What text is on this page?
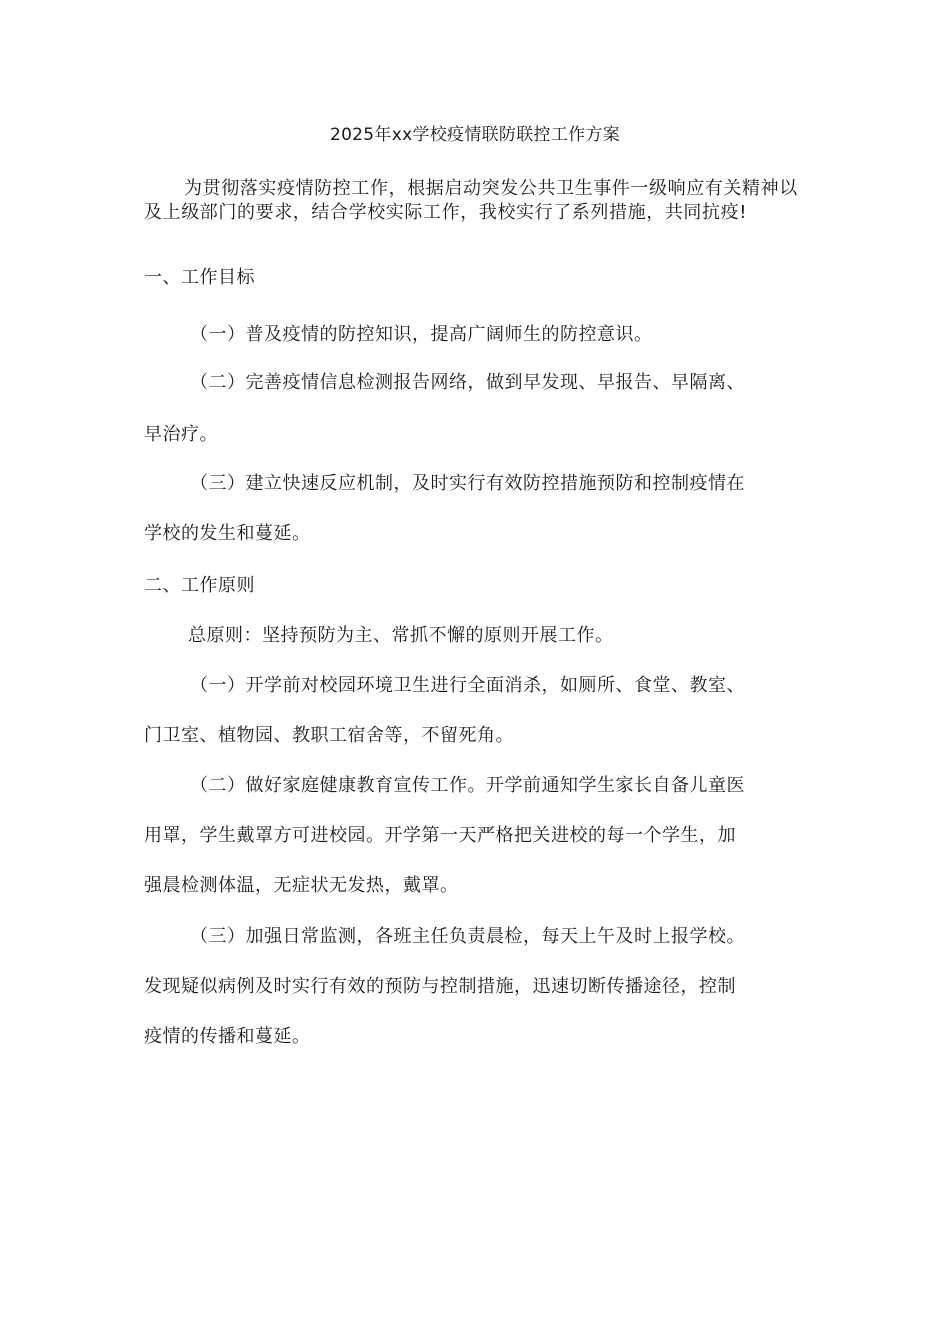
2025年xx学校疫情联防联控工作方案
为贯彻落实疫情防控工作，根据启动突发公共卫生事件一级响应有关精神以及上级部门的要求，结合学校实际工作，我校实行了系列措施，共同抗疫!
一、工作目标
（一）普及疫情的防控知识，提高广阔师生的防控意识。
（二）完善疫情信息检测报告网络，做到早发现、早报告、早隔离、
早治疗。
（三）建立快速反应机制，及时实行有效防控措施预防和控制疫情在
学校的发生和蔓延。
二、工作原则
总原则：坚持预防为主、常抓不懈的原则开展工作。
（一）开学前对校园环境卫生进行全面消杀，如厕所、食堂、教室、
门卫室、植物园、教职工宿舍等，不留死角。
（二）做好家庭健康教育宣传工作。开学前通知学生家长自备儿童医
用罩，学生戴罩方可进校园。开学第一天严格把关进校的每一个学生，加
强晨检测体温，无症状无发热，戴罩。
（三）加强日常监测，各班主任负责晨检，每天上午及时上报学校。
发现疑似病例及时实行有效的预防与控制措施，迅速切断传播途径，控制
疫情的传播和蔓延。
